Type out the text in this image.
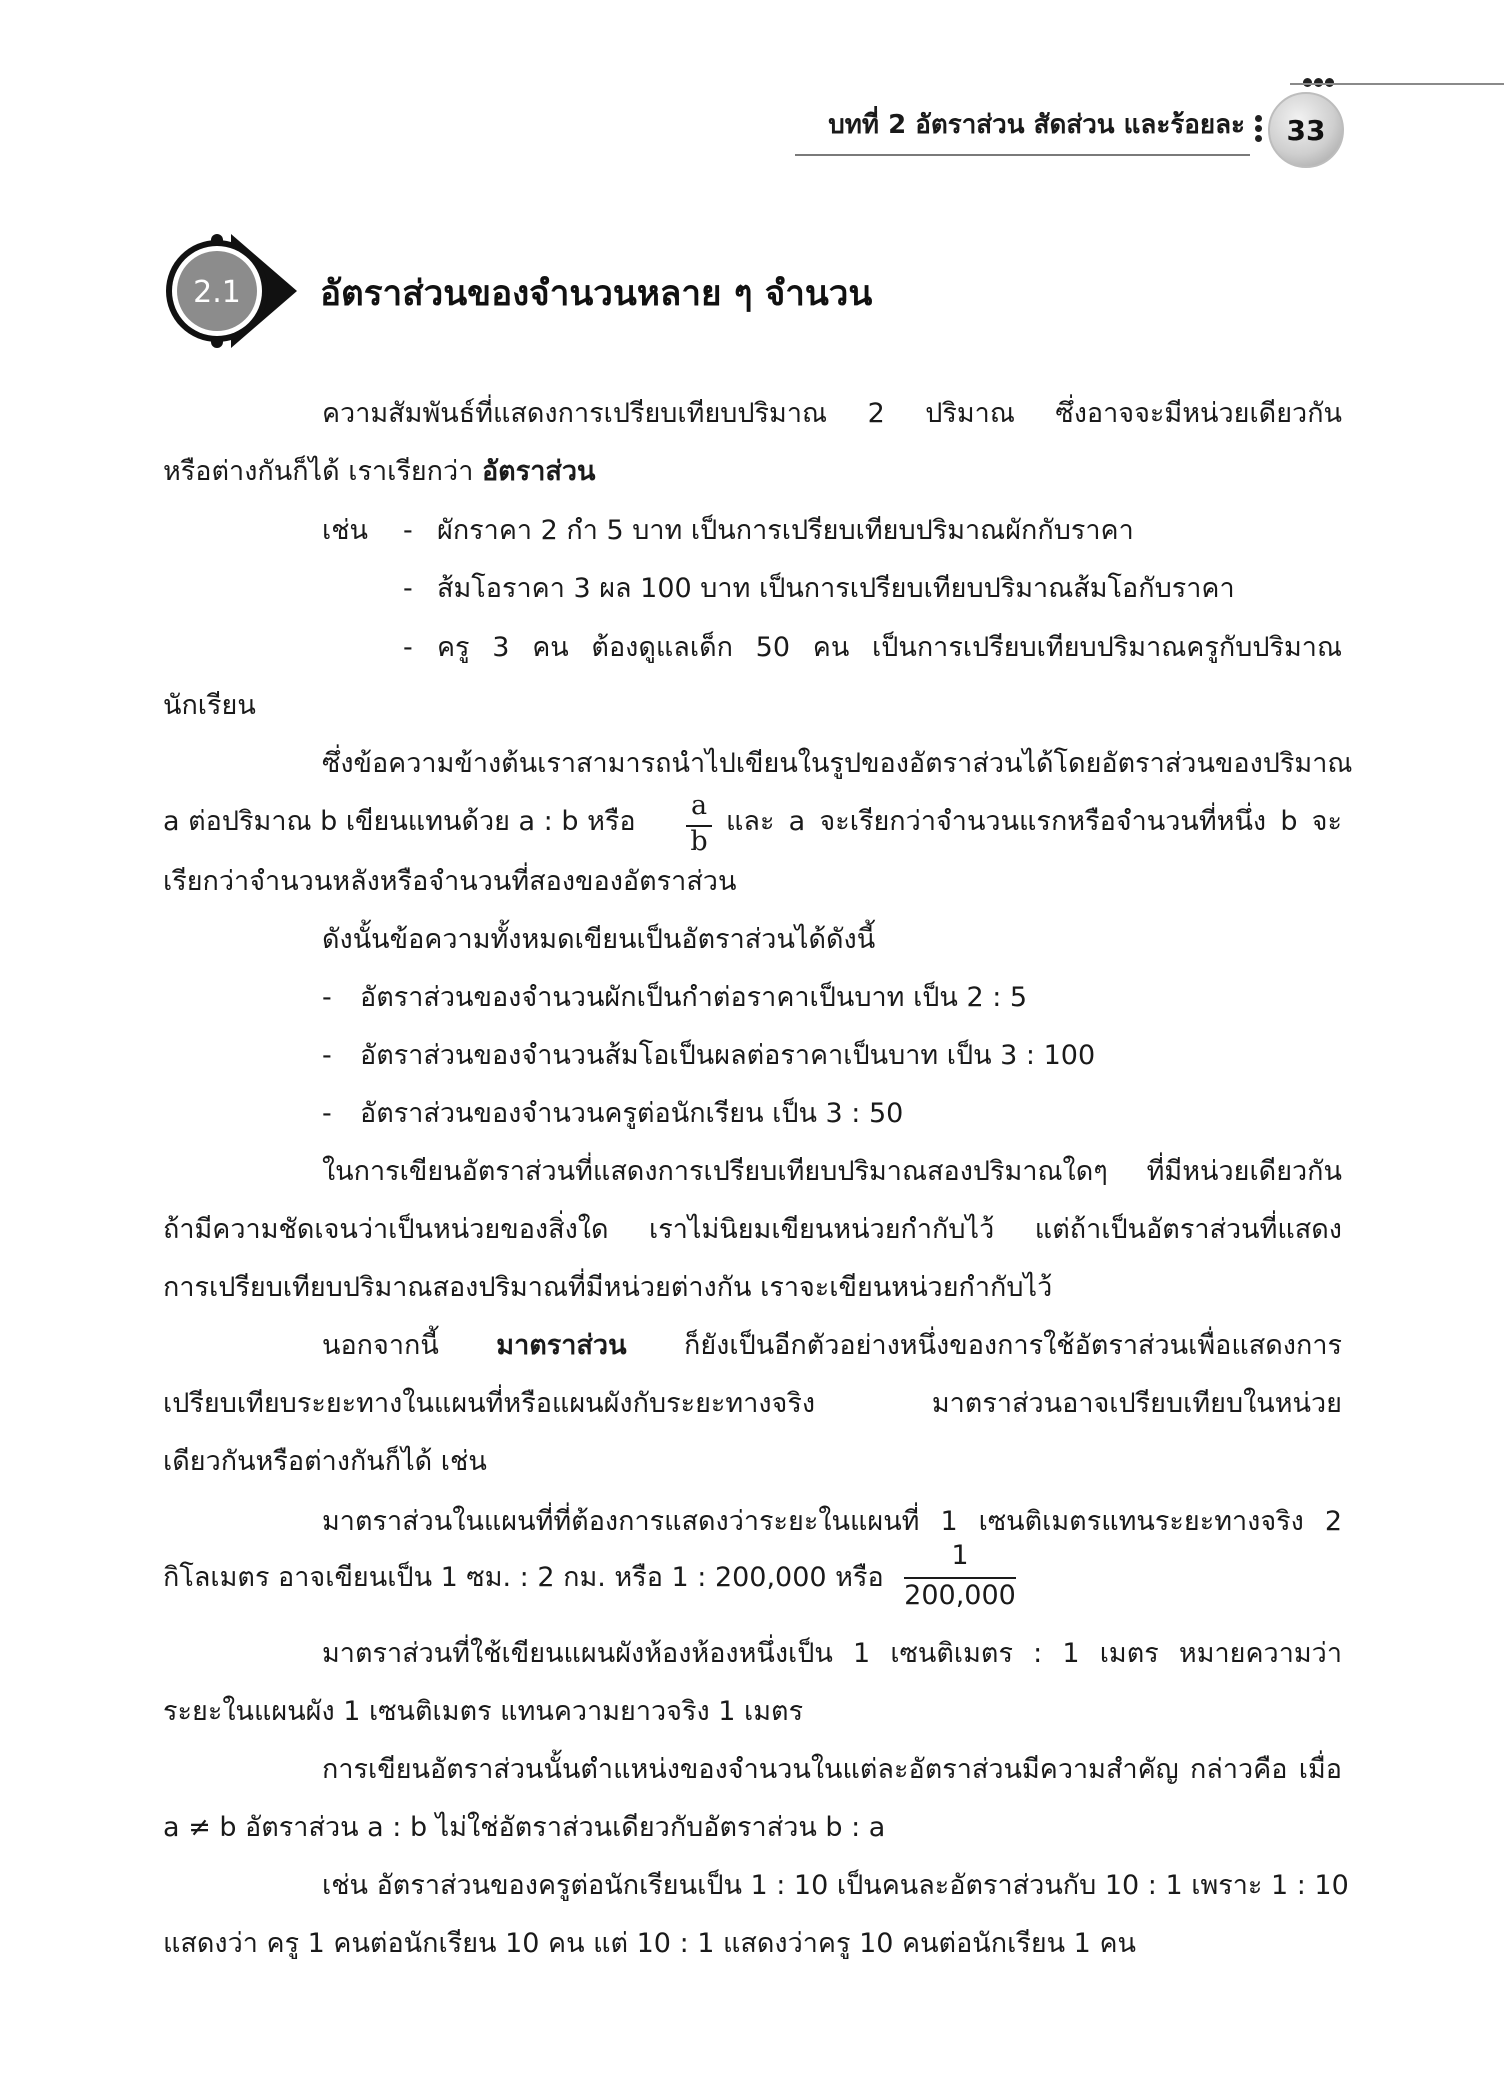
บทที่ 2 อัตราส่วน สัดส่วน และร้อยละ	33
2.1 อัตราส่วนของจำนวนหลาย ๆ จำนวน
ความสัมพันธ์ที่แสดงการเปรียบเทียบปริมาณ 2 ปริมาณ ซึ่งอาจจะมีหน่วยเดียวกัน
หรือต่างกันก็ได้ เราเรียกว่า อัตราส่วน
เช่น - ผักราคา 2 กำ 5 บาท เป็นการเปรียบเทียบปริมาณผักกับราคา
- ส้มโอราคา 3 ผล 100 บาท เป็นการเปรียบเทียบปริมาณส้มโอกับราคา
- ครู 3 คน ต้องดูแลเด็ก 50 คน เป็นการเปรียบเทียบปริมาณครูกับปริมาณ
นักเรียน
ซึ่งข้อความข้างต้นเราสามารถนำไปเขียนในรูปของอัตราส่วนได้โดยอัตราส่วนของปริมาณ
a ต่อปริมาณ b เขียนแทนด้วย a : b หรือ
a
b
และ a จะเรียกว่าจำนวนแรกหรือจำนวนที่หนึ่ง b จะ
เรียกว่าจำนวนหลังหรือจำนวนที่สองของอัตราส่วน
ดังนั้นข้อความทั้งหมดเขียนเป็นอัตราส่วนได้ดังนี้
- อัตราส่วนของจำนวนผักเป็นกำต่อราคาเป็นบาท เป็น 2 : 5
- อัตราส่วนของจำนวนส้มโอเป็นผลต่อราคาเป็นบาท เป็น 3 : 100
- อัตราส่วนของจำนวนครูต่อนักเรียน เป็น 3 : 50
ในการเขียนอัตราส่วนที่แสดงการเปรียบเทียบปริมาณสองปริมาณใดๆ ที่มีหน่วยเดียวกัน
ถ้ามีความชัดเจนว่าเป็นหน่วยของสิ่งใด เราไม่นิยมเขียนหน่วยกำกับไว้ แต่ถ้าเป็นอัตราส่วนที่แสดง
การเปรียบเทียบปริมาณสองปริมาณที่มีหน่วยต่างกัน เราจะเขียนหน่วยกำกับไว้
นอกจากนี้ มาตราส่วน ก็ยังเป็นอีกตัวอย่างหนึ่งของการใช้อัตราส่วนเพื่อแสดงการ
เปรียบเทียบระยะทางในแผนที่หรือแผนผังกับระยะทางจริง มาตราส่วนอาจเปรียบเทียบในหน่วย
เดียวกันหรือต่างกันก็ได้ เช่น
มาตราส่วนในแผนที่ที่ต้องการแสดงว่าระยะในแผนที่ 1 เซนติเมตรแทนระยะทางจริง 2
กิโลเมตร อาจเขียนเป็น 1 ซม. : 2 กม. หรือ 1 : 200,000 หรือ
1
200,000
มาตราส่วนที่ใช้เขียนแผนผังห้องห้องหนึ่งเป็น 1 เซนติเมตร : 1 เมตร หมายความว่า
ระยะในแผนผัง 1 เซนติเมตร แทนความยาวจริง 1 เมตร
การเขียนอัตราส่วนนั้นตำแหน่งของจำนวนในแต่ละอัตราส่วนมีความสำคัญ กล่าวคือ เมื่อ
a ≠ b อัตราส่วน a : b ไม่ใช่อัตราส่วนเดียวกับอัตราส่วน b : a
เช่น อัตราส่วนของครูต่อนักเรียนเป็น 1 : 10 เป็นคนละอัตราส่วนกับ 10 : 1 เพราะ 1 : 10
แสดงว่า ครู 1 คนต่อนักเรียน 10 คน แต่ 10 : 1 แสดงว่าครู 10 คนต่อนักเรียน 1 คน
